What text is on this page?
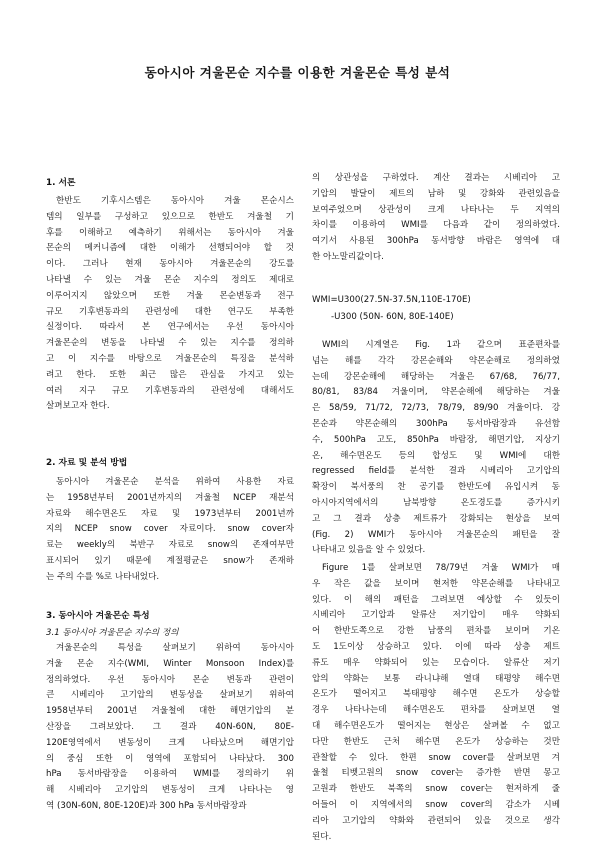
동아시아 겨울몬순 지수를 이용한 겨울몬순 특성 분석
1. 서론
한반도 기후시스템은 동아시아 겨울 몬순시스
템의 일부를 구성하고 있으므로 한반도 겨울철 기
후를 이해하고 예측하기 위해서는 동아시아 겨울
몬순의 메커니즘에 대한 이해가 선행되어야 할 것
이다. 그러나 현재 동아시아 겨울몬순의 강도를
나타낼 수 있는 겨울 몬순 지수의 정의도 제대로
이루어지지 않았으며 또한 겨울 몬순변동과 전구
규모 기후변동과의 관련성에 대한 연구도 부족한
실정이다. 따라서 본 연구에서는 우선 동아시아
겨울몬순의 변동을 나타낼 수 있는 지수를 정의하
고 이 지수를 바탕으로 겨울몬순의 특징을 분석하
려고 한다. 또한 최근 많은 관심을 가지고 있는
여러 지구 규모 기후변동과의 관련성에 대해서도
살펴보고자 한다.
2. 자료 및 분석 방법
동아시아 겨울몬순 분석을 위하여 사용한 자료
는 1958년부터 2001년까지의 겨울철 NCEP 재분석
자료와 해수면온도 자료 및 1973년부터 2001년까
지의 NCEP snow cover 자료이다. snow cover자
료는 weekly의 북반구 자료로 snow의 존재여부만
표시되어 있기 때문에 계절평균은 snow가 존재하
는 주의 수를 %로 나타내었다.
3. 동아시아 겨울몬순 특성
3.1 동아시아 겨울몬순 지수의 정의
겨울몬순의 특성을 살펴보기 위하여 동아시아
겨울 몬순 지수(WMI, Winter Monsoon Index)를
정의하였다. 우선 동아시아 몬순 변동과 관련이
큰 시베리아 고기압의 변동성을 살펴보기 위하여
1958년부터 2001년 겨울철에 대한 해면기압의 분
산장을 그려보았다. 그 결과 40N-60N, 80E-
120E영역에서 변동성이 크게 나타났으며 해면기압
의 중심 또한 이 영역에 포함되어 나타났다. 300
hPa 동서바람장을 이용하여 WMI를 정의하기 위
해 시베리아 고기압의 변동성이 크게 나타나는 영
역 (30N-60N, 80E-120E)과 300 hPa 동서바람장과
의 상관성을 구하였다. 계산 결과는 시베리아 고
기압의 발달이 제트의 남하 및 강화와 관련있음을
보여주었으며 상관성이 크게 나타나는 두 지역의
차이를 이용하여 WMI를 다음과 같이 정의하였다.
여기서 사용된 300hPa 동서방향 바람은 영역에 대
한 아노말리값이다.
WMI=U300(27.5N-37.5N,110E-170E)
-U300 (50N- 60N, 80E-140E)
WMI의 시계열은 Fig. 1과 같으며 표준편차를
넘는 해를 각각 강몬순해와 약몬순해로 정의하였
는데 강몬순해에 해당하는 겨울은 67/68, 76/77,
80/81, 83/84 겨울이며, 약몬순해에 해당하는 겨울
은 58/59, 71/72, 72/73, 78/79, 89/90 겨울이다. 강
몬순과 약몬순해의 300hPa 동서바람장과 유선함
수, 500hPa 고도, 850hPa 바람장, 해면기압, 지상기
온, 해수면온도 등의 합성도 및 WMI에 대한
regressed field를 분석한 결과 시베리아 고기압의
확장이 북서풍의 찬 공기를 한반도에 유입시켜 동
아시아지역에서의 남북방향 온도경도를 증가시키
고 그 결과 상층 제트류가 강화되는 현상을 보여
(Fig. 2) WMI가 동아시아 겨울몬순의 패턴을 잘
나타내고 있음을 알 수 있었다.
Figure 1를 살펴보면 78/79년 겨울 WMI가 매
우 작은 값을 보이며 현저한 약몬순해를 나타내고
있다. 이 해의 패턴을 그려보면 예상할 수 있듯이
시베리아 고기압과 알류산 저기압이 매우 약화되
어 한반도쪽으로 강한 남풍의 편차를 보이며 기온
도 1도이상 상승하고 있다. 이에 따라 상층 제트
류도 매우 약화되어 있는 모습이다. 알류산 저기
압의 약화는 보통 라니냐해 열대 태평양 해수면
온도가 떨어지고 북태평양 해수면 온도가 상승할
경우 나타나는데 해수면온도 편차를 살펴보면 열
대 해수면온도가 떨어지는 현상은 살펴볼 수 없고
다만 한반도 근처 해수면 온도가 상승하는 것만
관찰할 수 있다. 한편 snow cover를 살펴보면 겨
울철 티벳고원의 snow cover는 증가한 반면 몽고
고원과 한반도 북쪽의 snow cover는 현저하게 줄
어들어 이 지역에서의 snow cover의 감소가 시베
리아 고기압의 약화와 관련되어 있을 것으로 생각
된다.
